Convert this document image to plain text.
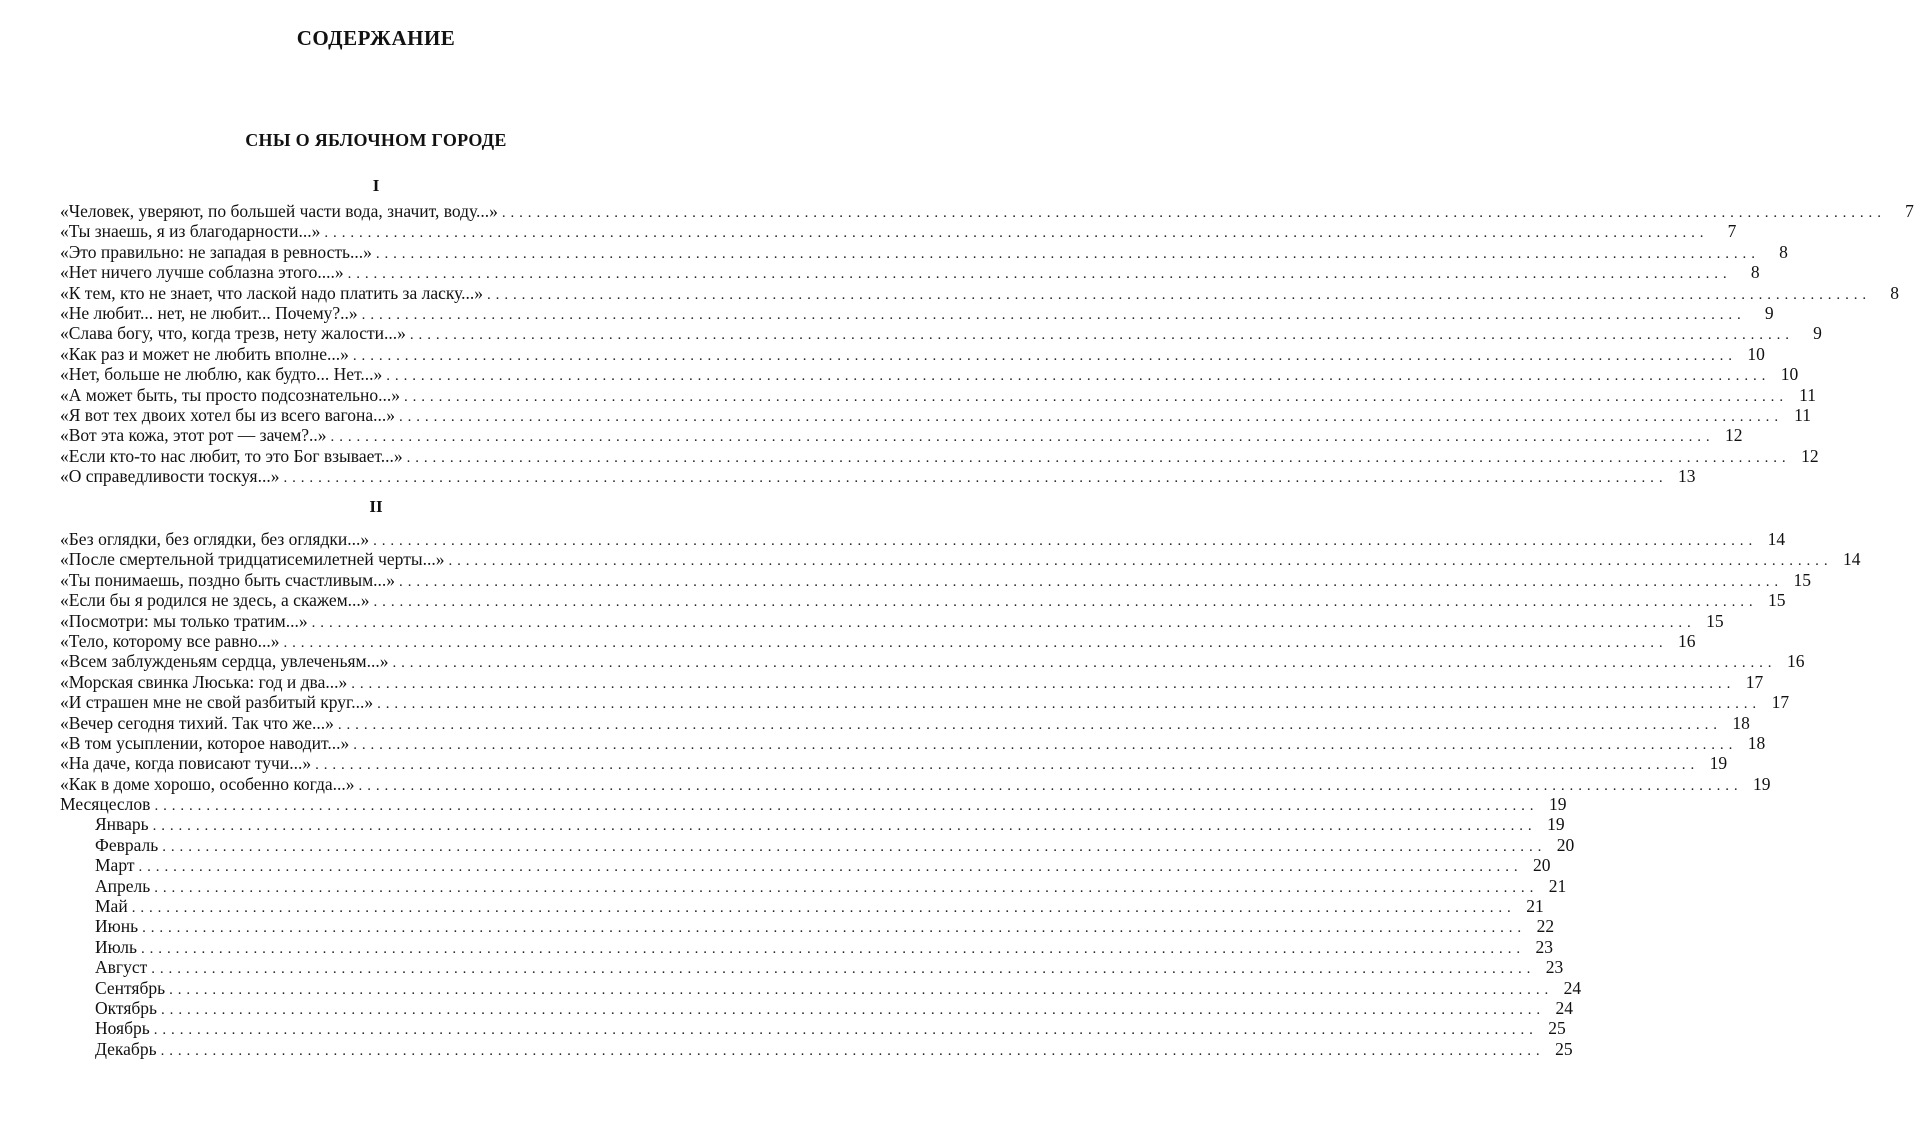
СОДЕРЖАНИЕ
СНЫ О ЯБЛОЧНОМ ГОРОДЕ
I
«Человек, уверяют, по большей части вода, значит, воду...» ................................................................................................................................................................	7
«Ты знаешь, я из благодарности...» ................................................................................................................................................................	7
«Это правильно: не западая в ревность...» ................................................................................................................................................................	8
«Нет ничего лучше соблазна этого....» ................................................................................................................................................................	8
«К тем, кто не знает, что лаской надо платить за ласку...» ................................................................................................................................................................	8
«Не любит... нет, не любит... Почему?..» ................................................................................................................................................................	9
«Слава богу, что, когда трезв, нету жалости...» ................................................................................................................................................................	9
«Как раз и может не любить вполне...» ................................................................................................................................................................ 10
«Нет, больше не люблю, как будто... Нет...» ................................................................................................................................................................ 10
«А может быть, ты просто подсознательно...» ................................................................................................................................................................ 11
«Я вот тех двоих хотел бы из всего вагона...» ................................................................................................................................................................ 11
«Вот эта кожа, этот рот — зачем?..» ................................................................................................................................................................ 12
«Если кто-то нас любит, то это Бог взывает...» ................................................................................................................................................................ 12
«О справедливости тоскуя...» ................................................................................................................................................................ 13
II
«Без оглядки, без оглядки, без оглядки...» ................................................................................................................................................................ 14
«После смертельной тридцатисемилетней черты...» ................................................................................................................................................................ 14
«Ты понимаешь, поздно быть счастливым...» ................................................................................................................................................................ 15
«Если бы я родился не здесь, а скажем...» ................................................................................................................................................................ 15
«Посмотри: мы только тратим...» ................................................................................................................................................................ 15
«Тело, которому все равно...» ................................................................................................................................................................ 16
«Всем заблужденьям сердца, увлеченьям...» ................................................................................................................................................................ 16
«Морская свинка Люська: год и два...» ................................................................................................................................................................ 17
«И страшен мне не свой разбитый круг...» ................................................................................................................................................................ 17
«Вечер сегодня тихий. Так что же...» ................................................................................................................................................................ 18
«В том усыплении, которое наводит...» ................................................................................................................................................................ 18
«На даче, когда повисают тучи...» ................................................................................................................................................................ 19
«Как в доме хорошо, особенно когда...» ................................................................................................................................................................ 19
Месяцеслов ................................................................................................................................................................ 19
Январь ................................................................................................................................................................ 19
Февраль ................................................................................................................................................................ 20
Март ................................................................................................................................................................ 20
Апрель ................................................................................................................................................................ 21
Май ................................................................................................................................................................ 21
Июнь ................................................................................................................................................................ 22
Июль ................................................................................................................................................................ 23
Август ................................................................................................................................................................ 23
Сентябрь ................................................................................................................................................................ 24
Октябрь ................................................................................................................................................................ 24
Ноябрь ................................................................................................................................................................ 25
Декабрь ................................................................................................................................................................ 25
